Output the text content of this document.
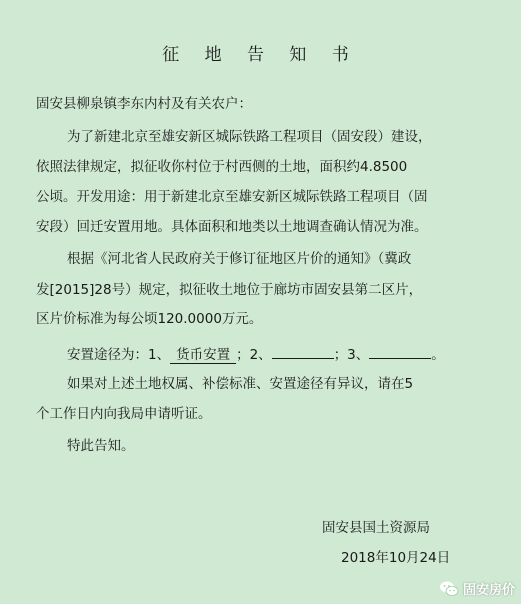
征 地 告 知 书
固安县柳泉镇李东内村及有关农户：
为了新建北京至雄安新区城际铁路工程项目（固安段）建设，
依照法律规定，拟征收你村位于村西侧的土地，面积约4.8500
公顷。开发用途：用于新建北京至雄安新区城际铁路工程项目（固
安段）回迁安置用地。具体面积和地类以土地调查确认情况为准。
根据《河北省人民政府关于修订征地区片价的通知》（冀政
发[2015]28号）规定，拟征收土地位于廊坊市固安县第二区片，
区片价标准为每公顷120.0000万元。
安置途径为：1、 货币安置 ；2、	；3、	。
如果对上述土地权属、补偿标准、安置途径有异议，请在5
个工作日内向我局申请听证。
特此告知。
固安县国土资源局
2018年10月24日
固安房价
